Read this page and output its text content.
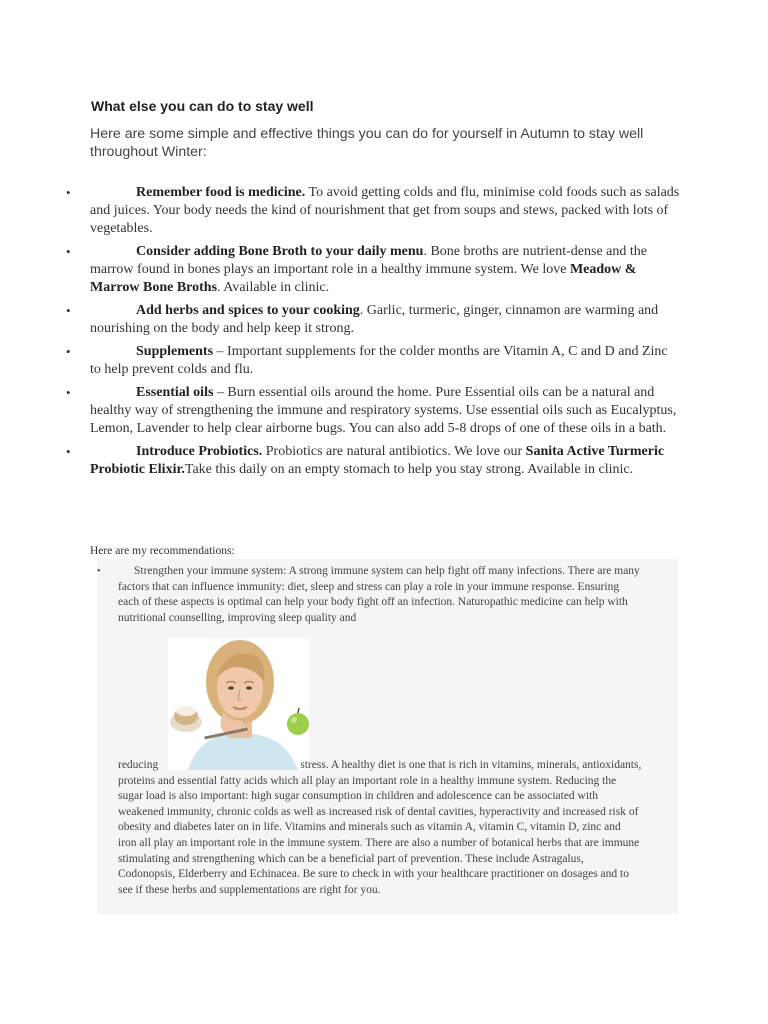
What else you can do to stay well

Here are some simple and effective things you can do for yourself in Autumn to stay well throughout Winter:

•	Remember food is medicine. To avoid getting colds and flu, minimise cold foods such as salads and juices. Your body needs the kind of nourishment that get from soups and stews, packed with lots of vegetables.
•	Consider adding Bone Broth to your daily menu. Bone broths are nutrient-dense and the marrow found in bones plays an important role in a healthy immune system. We love Meadow & Marrow Bone Broths. Available in clinic.
•	Add herbs and spices to your cooking. Garlic, turmeric, ginger, cinnamon are warming and nourishing on the body and help keep it strong.
•	Supplements – Important supplements for the colder months are Vitamin A, C and D and Zinc to help prevent colds and flu.
•	Essential oils – Burn essential oils around the home. Pure Essential oils can be a natural and healthy way of strengthening the immune and respiratory systems. Use essential oils such as Eucalyptus, Lemon, Lavender to help clear airborne bugs. You can also add 5-8 drops of one of these oils in a bath.
•	Introduce Probiotics. Probiotics are natural antibiotics. We love our Sanita Active Turmeric Probiotic Elixir.Take this daily on an empty stomach to help you stay strong. Available in clinic.

Here are my recommendations:

•	Strengthen your immune system: A strong immune system can help fight off many infections. There are many factors that can influence immunity: diet, sleep and stress can play a role in your immune response. Ensuring each of these aspects is optimal can help your body fight off an infection. Naturopathic medicine can help with nutritional counselling, improving sleep quality and

reducing	stress. A healthy diet is one that is rich in vitamins, minerals, antioxidants, proteins and essential fatty acids which all play an important role in a healthy immune system. Reducing the sugar load is also important: high sugar consumption in children and adolescence can be associated with weakened immunity, chronic colds as well as increased risk of dental cavities, hyperactivity and increased risk of obesity and diabetes later on in life. Vitamins and minerals such as vitamin A, vitamin C, vitamin D, zinc and iron all play an important role in the immune system. There are also a number of botanical herbs that are immune stimulating and strengthening which can be a beneficial part of prevention. These include Astragalus, Codonopsis, Elderberry and Echinacea. Be sure to check in with your healthcare practitioner on dosages and to see if these herbs and supplementations are right for you.
